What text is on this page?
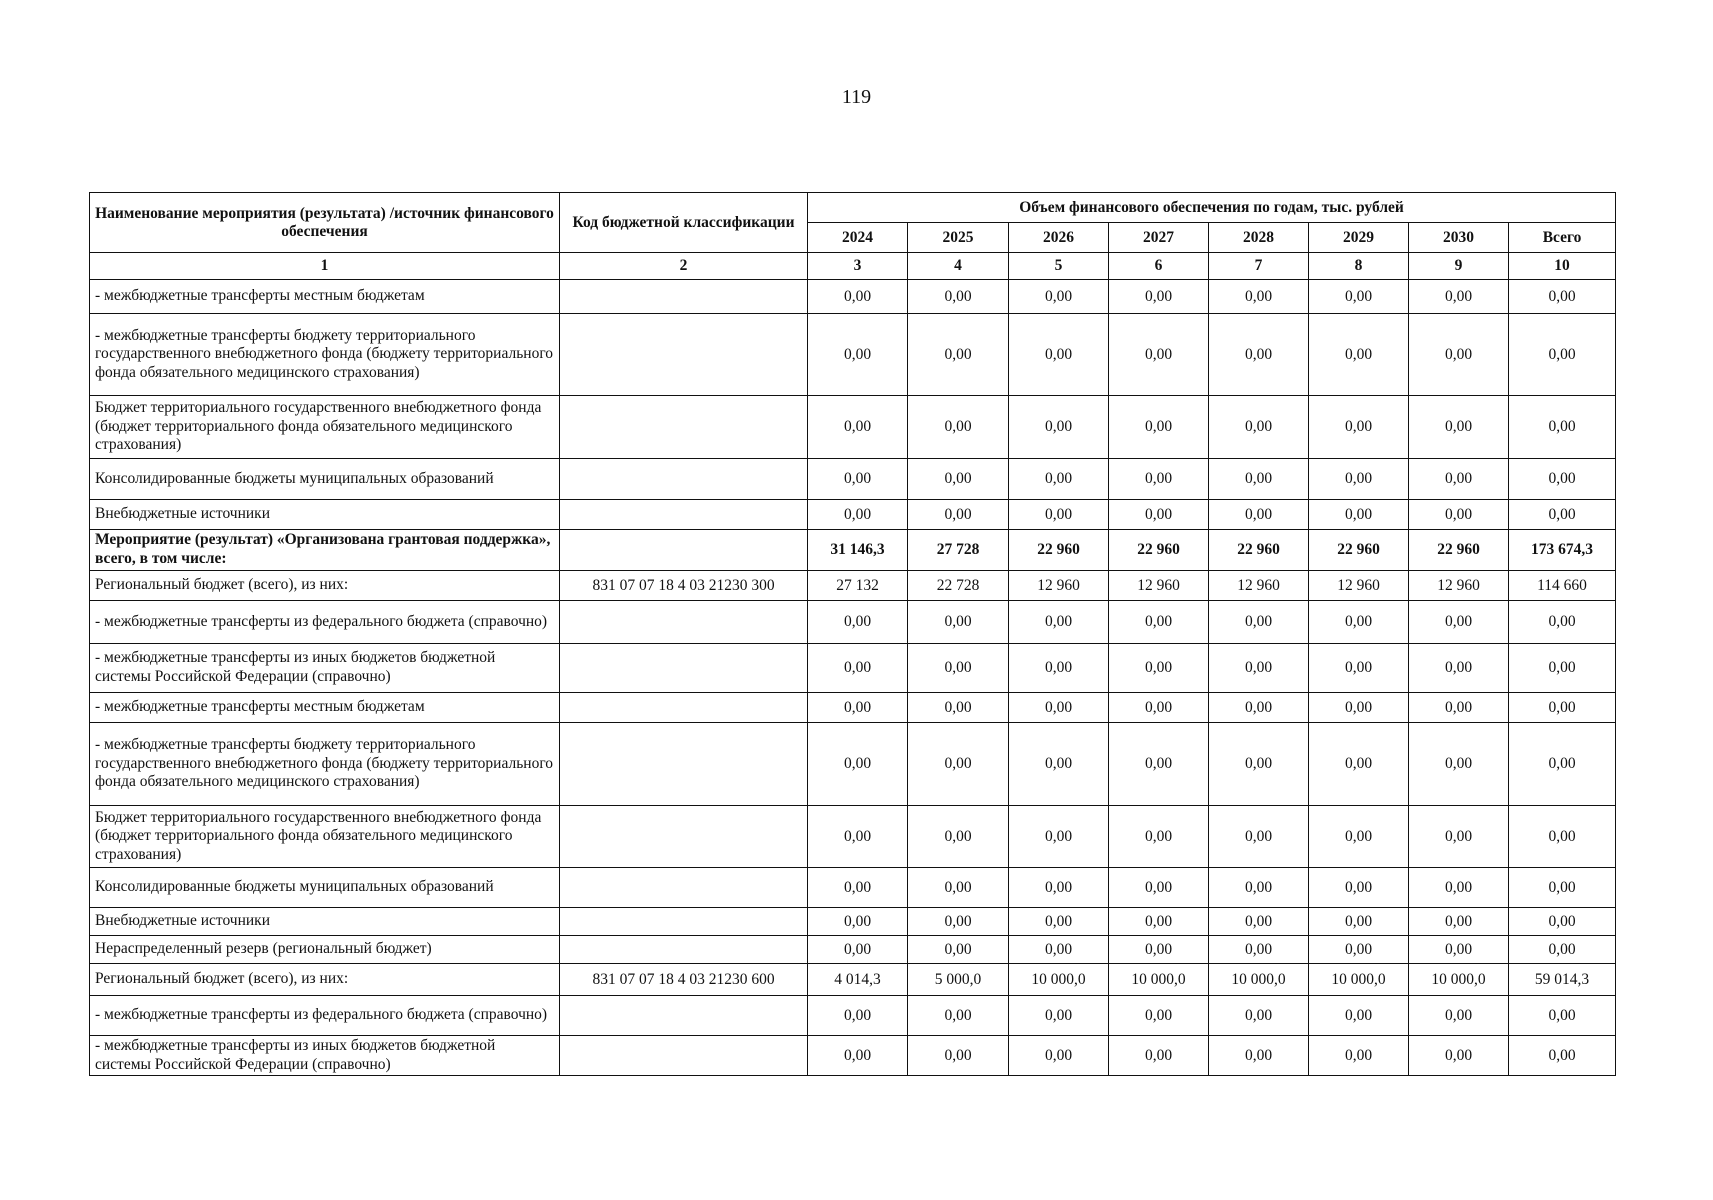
119
Наименование мероприятия (результата) /источник финансового обеспечения	Код бюджетной классификации	Объем финансового обеспечения по годам, тыс. рублей							
		2024	2025	2026	2027	2028	2029	2030	Всего
1	2	3	4	5	6	7	8	9	10
- межбюджетные трансферты местным бюджетам		0,00	0,00	0,00	0,00	0,00	0,00	0,00	0,00
- межбюджетные трансферты бюджету территориального государственного внебюджетного фонда (бюджету территориального фонда обязательного медицинского страхования)		0,00	0,00	0,00	0,00	0,00	0,00	0,00	0,00
Бюджет территориального государственного внебюджетного фонда (бюджет территориального фонда обязательного медицинского страхования)		0,00	0,00	0,00	0,00	0,00	0,00	0,00	0,00
Консолидированные бюджеты муниципальных образований		0,00	0,00	0,00	0,00	0,00	0,00	0,00	0,00
Внебюджетные источники		0,00	0,00	0,00	0,00	0,00	0,00	0,00	0,00
Мероприятие (результат) «Организована грантовая поддержка», всего, в том числе:		31 146,3	27 728	22 960	22 960	22 960	22 960	22 960	173 674,3
Региональный бюджет (всего), из них:	831 07 07 18 4 03 21230 300	27 132	22 728	12 960	12 960	12 960	12 960	12 960	114 660
- межбюджетные трансферты из федерального бюджета (справочно)		0,00	0,00	0,00	0,00	0,00	0,00	0,00	0,00
- межбюджетные трансферты из иных бюджетов бюджетной системы Российской Федерации (справочно)		0,00	0,00	0,00	0,00	0,00	0,00	0,00	0,00
- межбюджетные трансферты местным бюджетам		0,00	0,00	0,00	0,00	0,00	0,00	0,00	0,00
- межбюджетные трансферты бюджету территориального государственного внебюджетного фонда (бюджету территориального фонда обязательного медицинского страхования)		0,00	0,00	0,00	0,00	0,00	0,00	0,00	0,00
Бюджет территориального государственного внебюджетного фонда (бюджет территориального фонда обязательного медицинского страхования)		0,00	0,00	0,00	0,00	0,00	0,00	0,00	0,00
Консолидированные бюджеты муниципальных образований		0,00	0,00	0,00	0,00	0,00	0,00	0,00	0,00
Внебюджетные источники		0,00	0,00	0,00	0,00	0,00	0,00	0,00	0,00
Нераспределенный резерв (региональный бюджет)		0,00	0,00	0,00	0,00	0,00	0,00	0,00	0,00
Региональный бюджет (всего), из них:	831 07 07 18 4 03 21230 600	4 014,3	5 000,0	10 000,0	10 000,0	10 000,0	10 000,0	10 000,0	59 014,3
- межбюджетные трансферты из федерального бюджета (справочно)		0,00	0,00	0,00	0,00	0,00	0,00	0,00	0,00
- межбюджетные трансферты из иных бюджетов бюджетной системы Российской Федерации (справочно)		0,00	0,00	0,00	0,00	0,00	0,00	0,00	0,00
